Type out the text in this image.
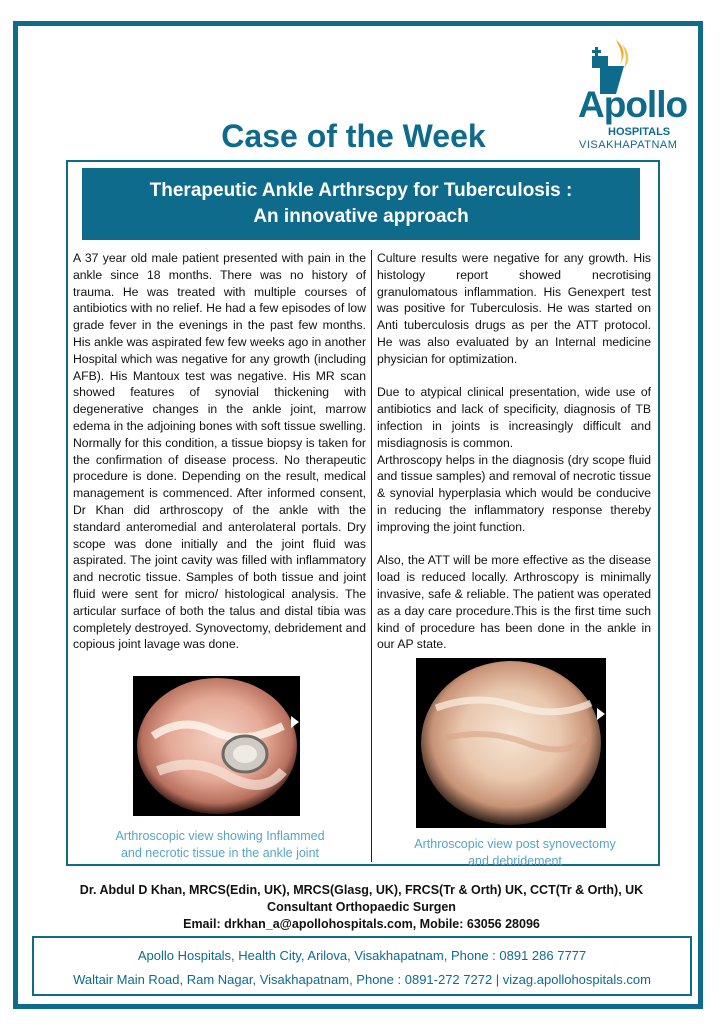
Apollo
HOSPITALS
VISAKHAPATNAM
Case of the Week
Therapeutic Ankle Arthrscpy for Tuberculosis :
An innovative approach

A 37 year old male patient presented with pain in the ankle since 18 months. There was no history of trauma. He was treated with multiple courses of antibiotics with no relief. He had a few episodes of low grade fever in the evenings in the past few months. His ankle was aspirated few few weeks ago in another Hospital which was negative for any growth (including AFB). His Mantoux test was negative. His MR scan showed features of synovial thickening with degenerative changes in the ankle joint, marrow edema in the adjoining bones with soft tissue swelling. Normally for this condition, a tissue biopsy is taken for the confirmation of disease process. No therapeutic procedure is done. Depending on the result, medical management is commenced. After informed consent, Dr Khan did arthroscopy of the ankle with the standard anteromedial and anterolateral portals. Dry scope was done initially and the joint fluid was aspirated. The joint cavity was filled with inflammatory and necrotic tissue. Samples of both tissue and joint fluid were sent for micro/ histological analysis. The articular surface of both the talus and distal tibia was completely destroyed. Synovectomy, debridement and copious joint lavage was done.

Culture results were negative for any growth. His histology report showed necrotising granulomatous inflammation. His Genexpert test was positive for Tuberculosis. He was started on Anti tuberculosis drugs as per the ATT protocol. He was also evaluated by an Internal medicine physician for optimization.

Due to atypical clinical presentation, wide use of antibiotics and lack of specificity, diagnosis of TB infection in joints is increasingly difficult and misdiagnosis is common.

Arthroscopy helps in the diagnosis (dry scope fluid and tissue samples) and removal of necrotic tissue & synovial hyperplasia which would be conducive in reducing the inflammatory response thereby improving the joint function.

Also, the ATT will be more effective as the disease load is reduced locally. Arthroscopy is minimally invasive, safe & reliable. The patient was operated as a day care procedure.This is the first time such kind of procedure has been done in the ankle in our AP state.

Arthroscopic view showing Inflammed
and necrotic tissue in the ankle joint
Arthroscopic view post synovectomy
and debridement
Dr. Abdul D Khan, MRCS(Edin, UK), MRCS(Glasg, UK), FRCS(Tr & Orth) UK, CCT(Tr & Orth), UK
Consultant Orthopaedic Surgen
Email: drkhan_a@apollohospitals.com, Mobile: 63056 28096
Apollo Hospitals, Health City, Arilova, Visakhapatnam, Phone : 0891 286 7777
Waltair Main Road, Ram Nagar, Visakhapatnam, Phone : 0891-272 7272 | vizag.apollohospitals.com
